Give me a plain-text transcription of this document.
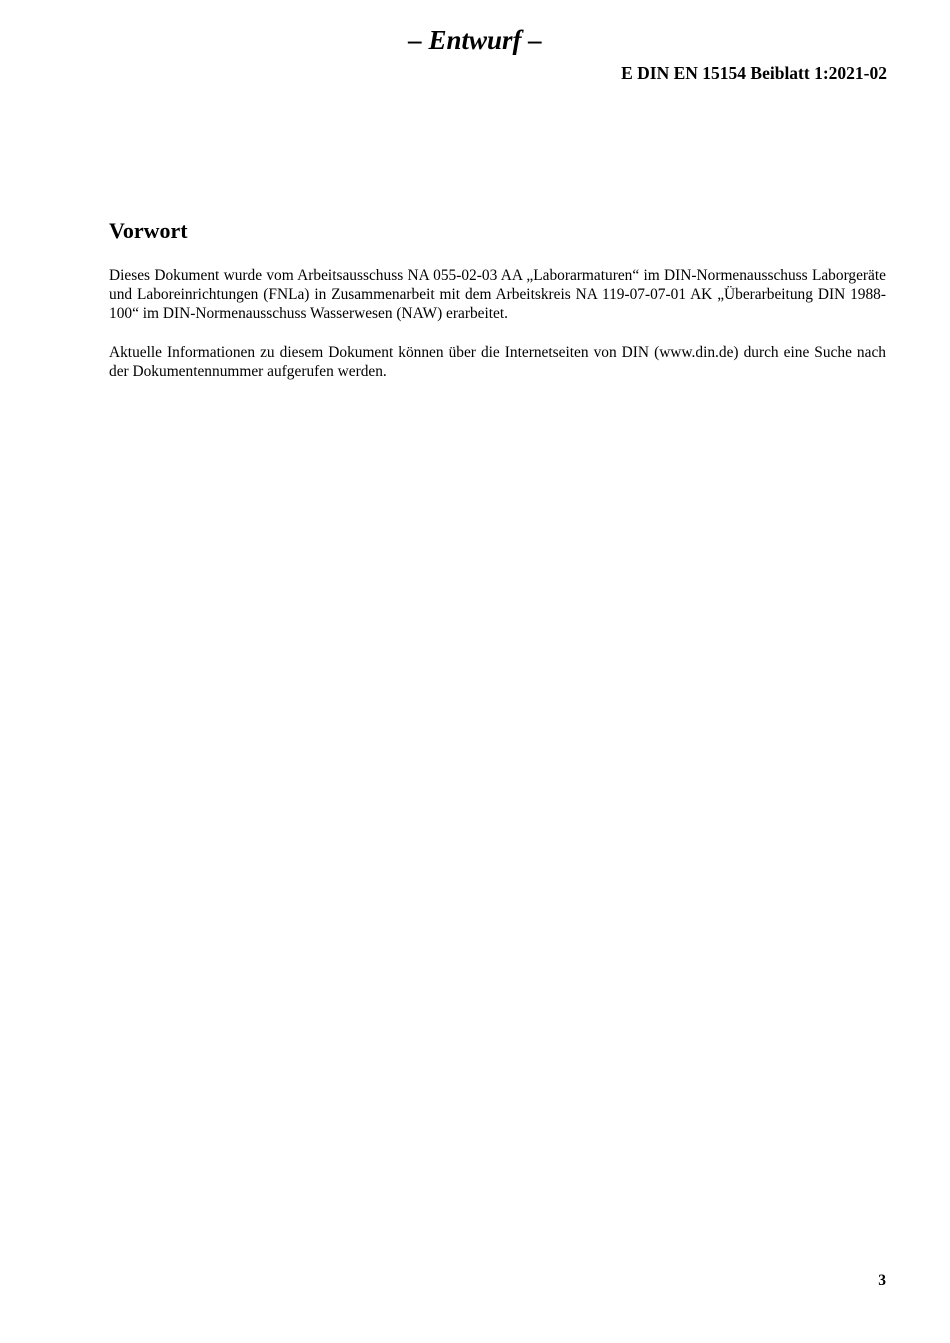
– Entwurf –
E DIN EN 15154 Beiblatt 1:2021-02
Vorwort

Dieses Dokument wurde vom Arbeitsausschuss NA 055-02-03 AA „Laborarmaturen“ im DIN-Normenausschuss Laborgeräte und Laboreinrichtungen (FNLa) in Zusammenarbeit mit dem Arbeitskreis NA 119-07-07-01 AK „Überarbeitung DIN 1988-100“ im DIN-Normenausschuss Wasserwesen (NAW) erarbeitet.

Aktuelle Informationen zu diesem Dokument können über die Internetseiten von DIN (www.din.de) durch eine Suche nach der Dokumentennummer aufgerufen werden.

3
